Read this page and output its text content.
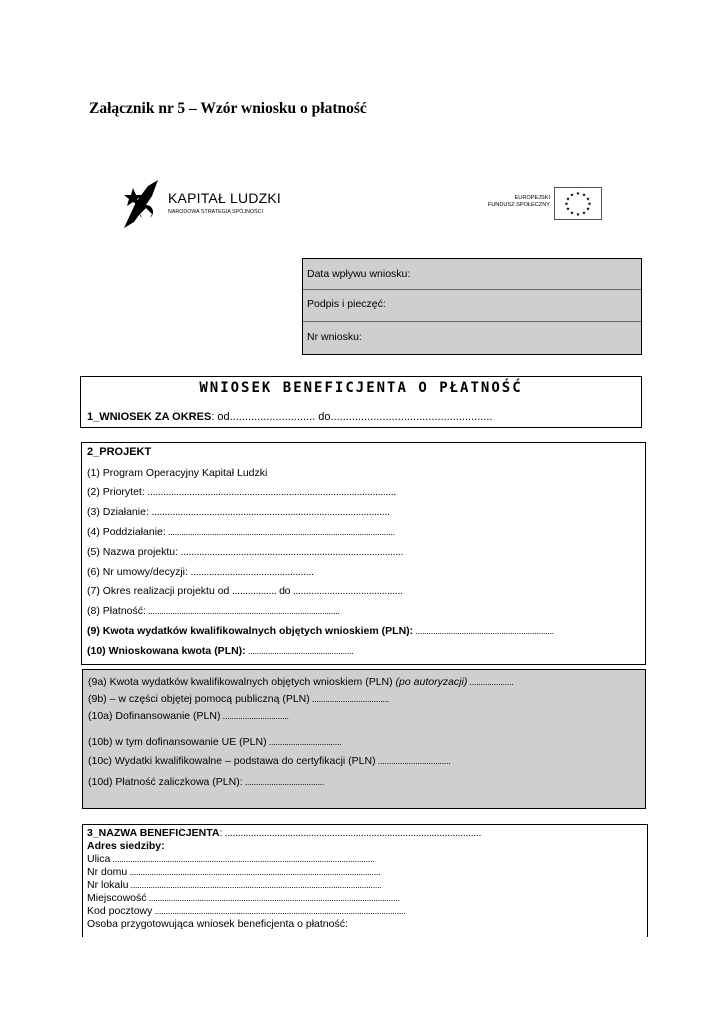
Załącznik nr 5 – Wzór wniosku o płatność
KAPITAŁ LUDZKI
NARODOWA STRATEGIA SPÓJNOŚCI
EUROPEJSKI
FUNDUSZ SPOŁECZNY
★ ★
★
★
★
★
★
★
★
★
★
★
Data wpływu wniosku:
Podpis i pieczęć:
Nr wniosku:
WNIOSEK BENEFICJENTA O PŁATNOŚĆ
1_WNIOSEK ZA OKRES: od............................ do.....................................................
2_PROJEKT
(1) Program Operacyjny Kapitał Ludzki
(2) Priorytet: ...............................................................................................
(3) Działanie: ...........................................................................................
(4) Poddziałanie: .......................................................................................................
(5) Nazwa projektu: .....................................................................................
(6) Nr umowy/decyzji: ...............................................
(7) Okres realizacji projektu od ................. do ..........................................
(8) Płatność: .......................................................................................
(9) Kwota wydatków kwalifikowalnych objętych wnioskiem (PLN): ...............................................................
(10) Wnioskowana kwota (PLN): ................................................
(9a) Kwota wydatków kwalifikowalnych objętych wnioskiem (PLN) (po autoryzacji) ....................
(9b) – w części objętej pomocą publiczną (PLN) ...................................
(10a) Dofinansowanie (PLN) ..............................
(10b) w tym dofinansowanie UE (PLN) .................................
(10c) Wydatki kwalifikowalne – podstawa do certyfikacji (PLN) .................................
(10d) Płatność zaliczkowa (PLN): ....................................
3_NAZWA BENEFICJENTA: ..................................................................................................
Adres siedziby:
Ulica .......................................................................................................................
Nr domu ..................................................................................................................
Nr lokalu ..................................................................................................................
Miejscowość ..................................................................................................................
Kod pocztowy ..................................................................................................................
Osoba przygotowująca wniosek beneficjenta o płatność:
